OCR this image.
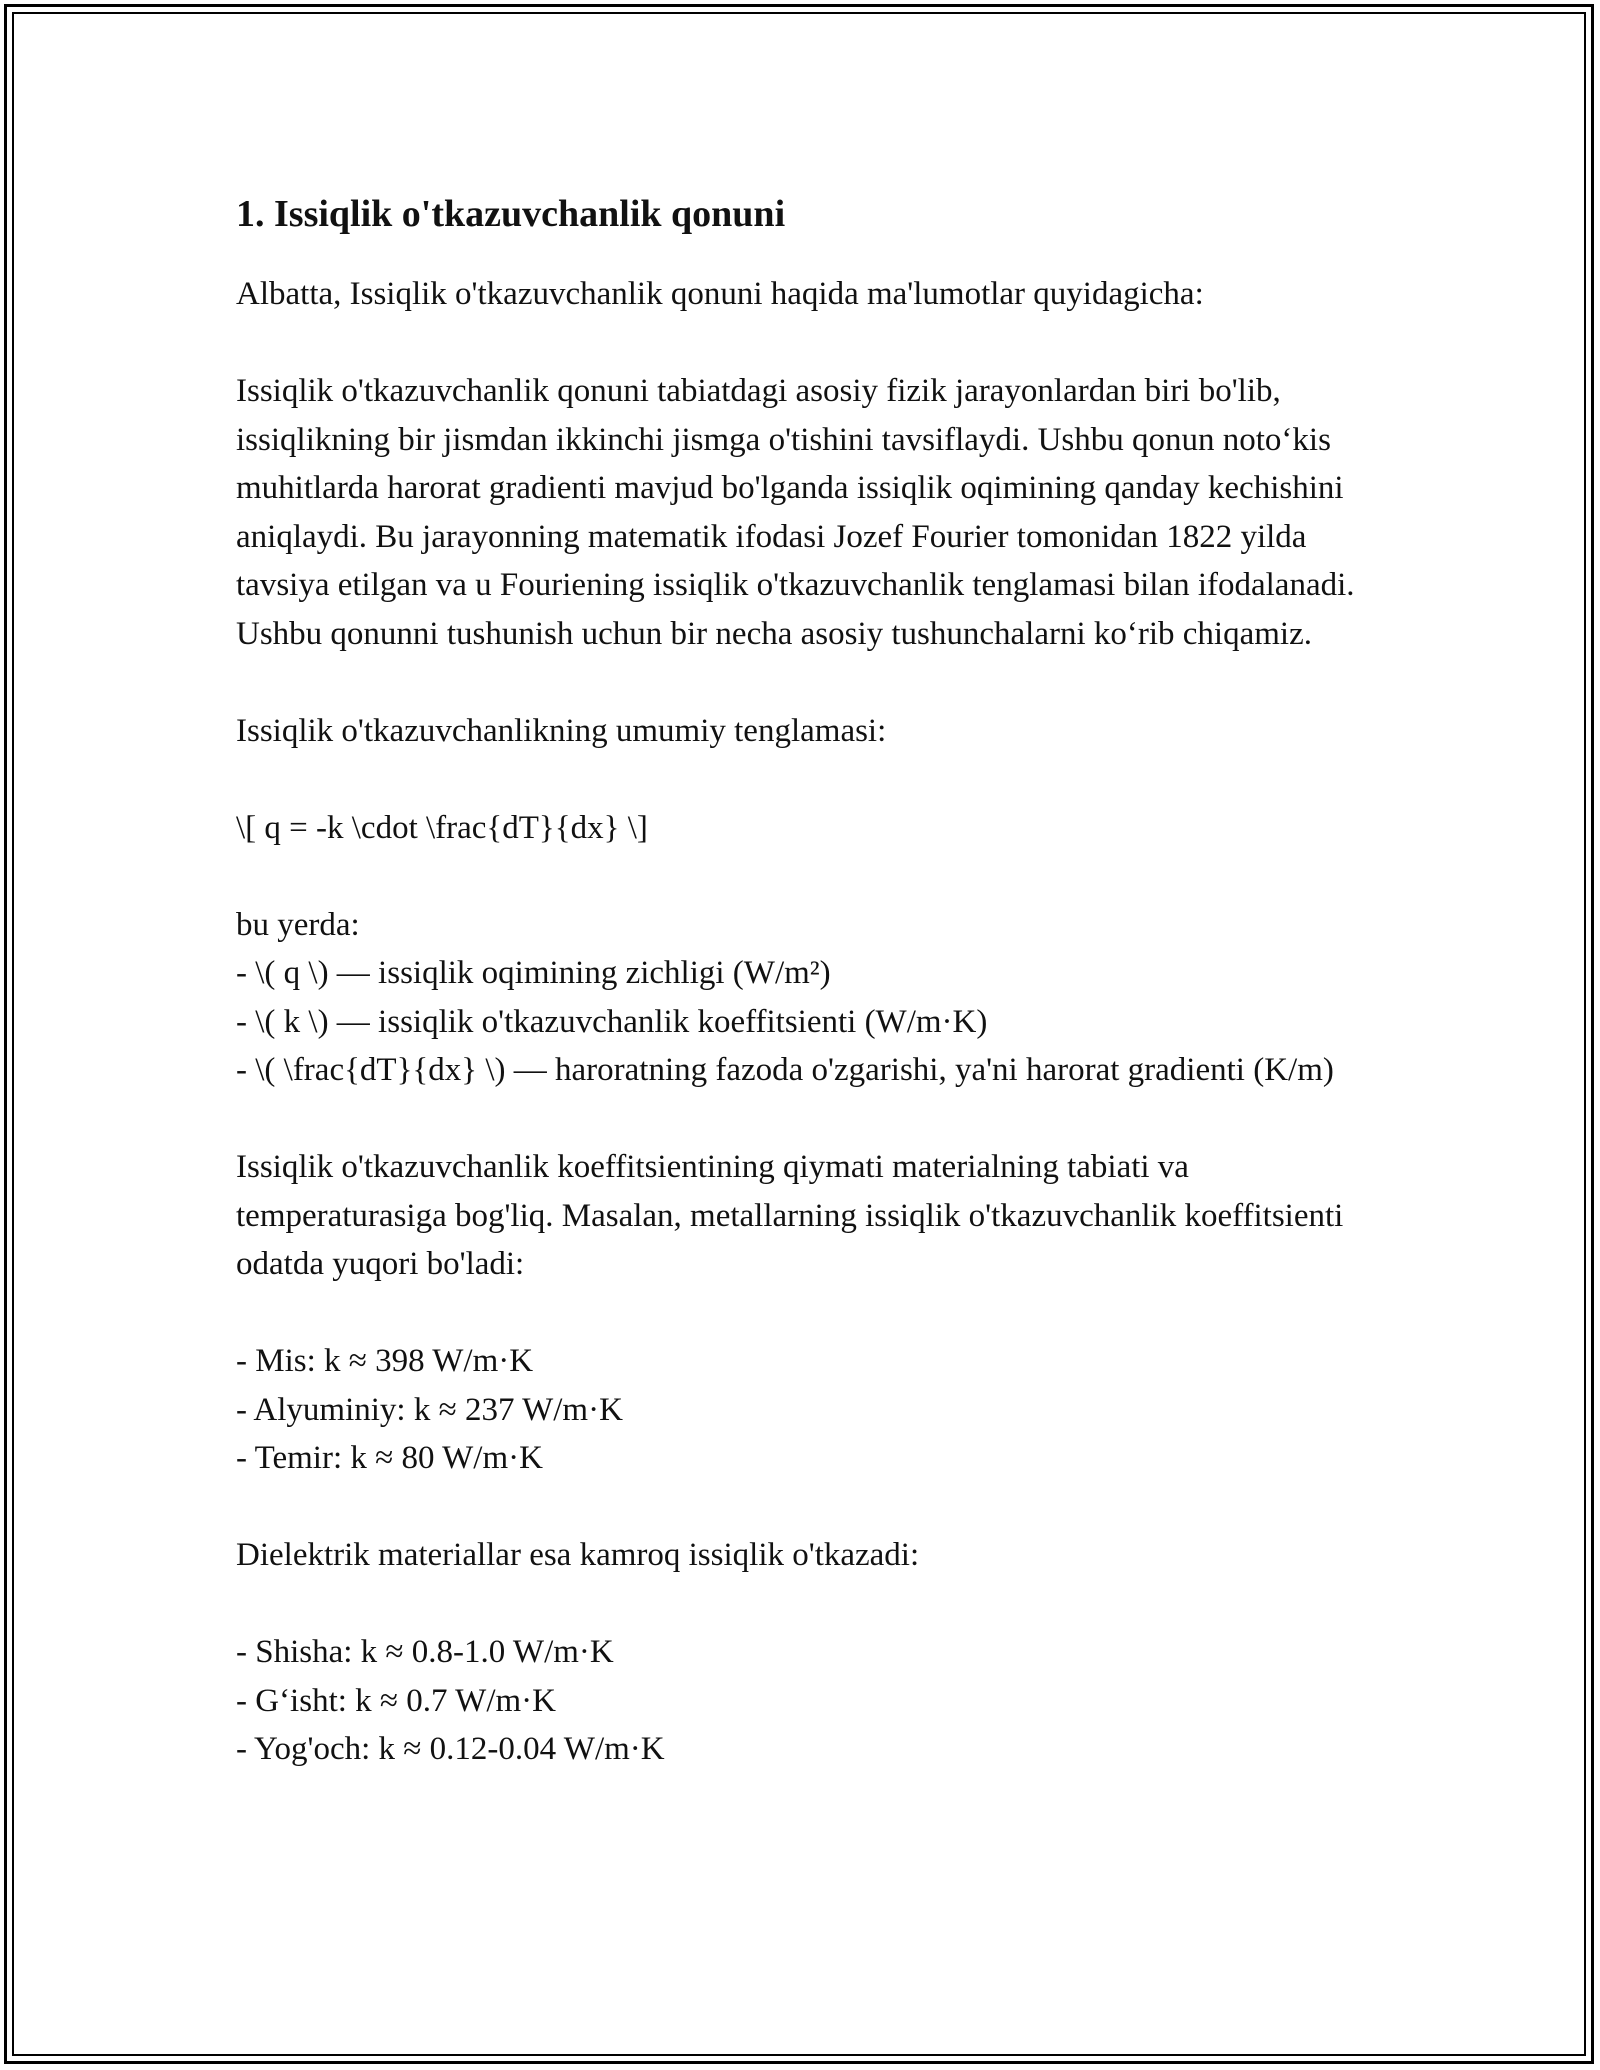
1. Issiqlik o'tkazuvchanlik qonuni

Albatta, Issiqlik o'tkazuvchanlik qonuni haqida ma'lumotlar quyidagicha:

Issiqlik o'tkazuvchanlik qonuni tabiatdagi asosiy fizik jarayonlardan biri bo'lib, issiqlikning bir jismdan ikkinchi jismga o'tishini tavsiflaydi. Ushbu qonun noto‘kis muhitlarda harorat gradienti mavjud bo'lganda issiqlik oqimining qanday kechishini aniqlaydi. Bu jarayonning matematik ifodasi Jozef Fourier tomonidan 1822 yilda tavsiya etilgan va u Fouriening issiqlik o'tkazuvchanlik tenglamasi bilan ifodalanadi. Ushbu qonunni tushunish uchun bir necha asosiy tushunchalarni ko‘rib chiqamiz.

Issiqlik o'tkazuvchanlikning umumiy tenglamasi:

\[ q = -k \cdot \frac{dT}{dx} \]

bu yerda:
- \( q \) — issiqlik oqimining zichligi (W/m²)
- \( k \) — issiqlik o'tkazuvchanlik koeffitsienti (W/m·K)
- \( \frac{dT}{dx} \) — haroratning fazoda o'zgarishi, ya'ni harorat gradienti (K/m)

Issiqlik o'tkazuvchanlik koeffitsientining qiymati materialning tabiati va temperaturasiga bog'liq. Masalan, metallarning issiqlik o'tkazuvchanlik koeffitsienti odatda yuqori bo'ladi:

- Mis: k ≈ 398 W/m·K
- Alyuminiy: k ≈ 237 W/m·K
- Temir: k ≈ 80 W/m·K

Dielektrik materiallar esa kamroq issiqlik o'tkazadi:

- Shisha: k ≈ 0.8-1.0 W/m·K
- G‘isht: k ≈ 0.7 W/m·K
- Yog'och: k ≈ 0.12-0.04 W/m·K
